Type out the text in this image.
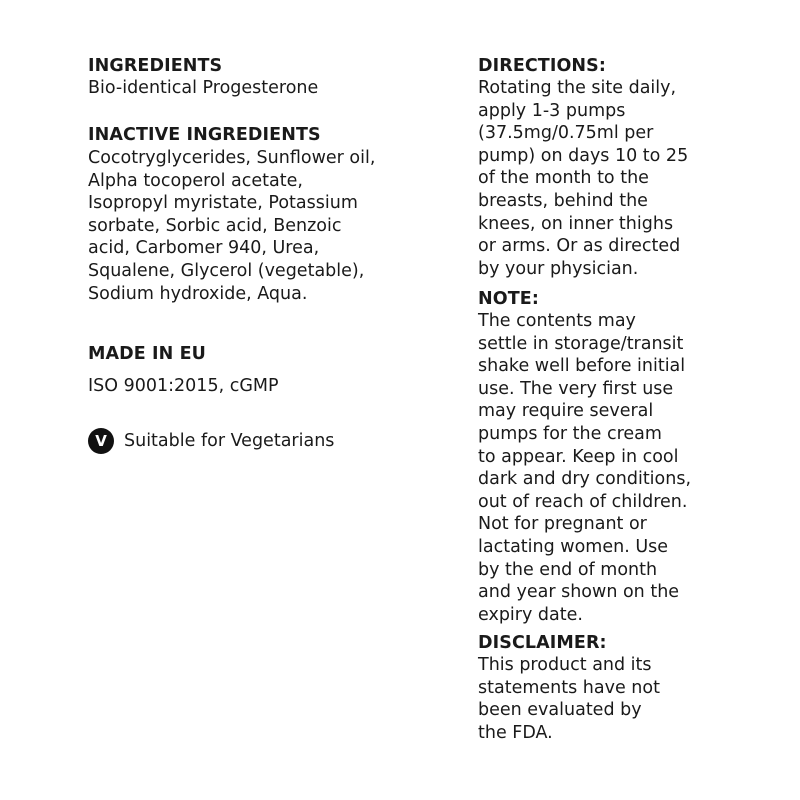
INGREDIENTS
Bio-identical Progesterone
INACTIVE INGREDIENTS
Cocotryglycerides, Sunflower oil,
Alpha tocoperol acetate,
Isopropyl myristate, Potassium
sorbate, Sorbic acid, Benzoic
acid, Carbomer 940, Urea,
Squalene, Glycerol (vegetable),
Sodium hydroxide, Aqua.
MADE IN EU
ISO 9001:2015, cGMP
V Suitable for Vegetarians
DIRECTIONS:
Rotating the site daily,
apply 1-3 pumps
(37.5mg/0.75ml per
pump) on days 10 to 25
of the month to the
breasts, behind the
knees, on inner thighs
or arms. Or as directed
by your physician.
NOTE:
The contents may
settle in storage/transit
shake well before initial
use. The very first use
may require several
pumps for the cream
to appear. Keep in cool
dark and dry conditions,
out of reach of children.
Not for pregnant or
lactating women. Use
by the end of month
and year shown on the
expiry date.
DISCLAIMER:
This product and its
statements have not
been evaluated by
the FDA.
